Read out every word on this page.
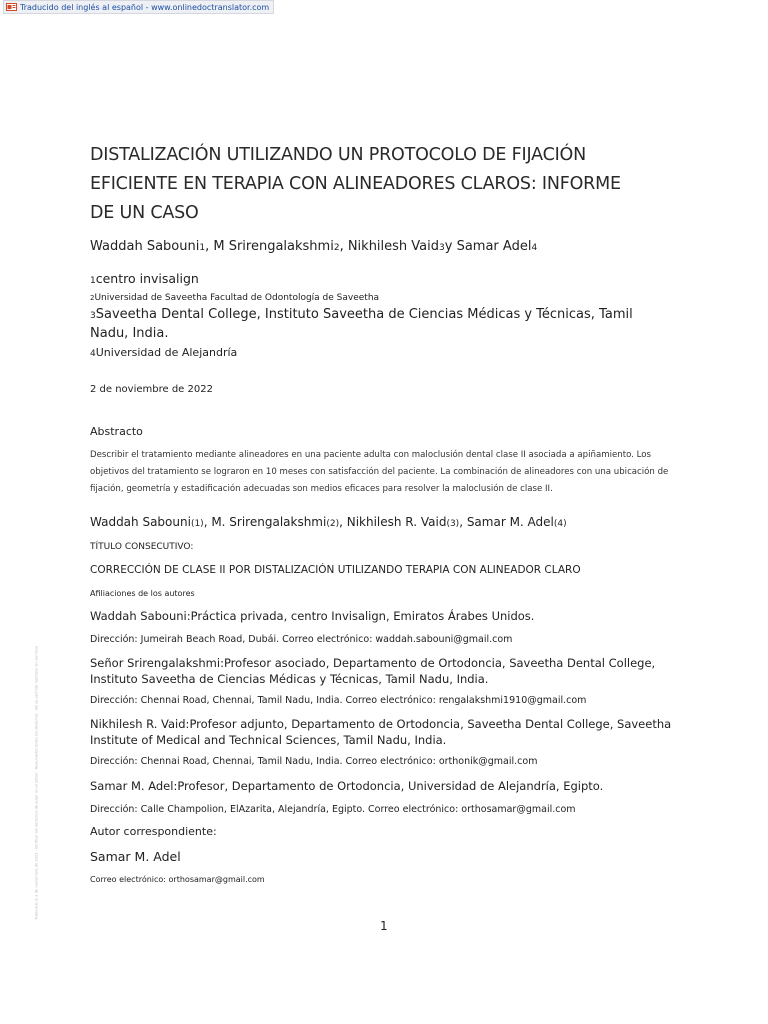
Traducido del inglés al español - www.onlinedoctranslator.com
Publicado el 2 de noviembre de 2022 · Verificar los derechos de autor en el editor · Reservados todos los derechos · No se permite reutilizar sin permiso
DISTALIZACIÓN UTILIZANDO UN PROTOCOLO DE FIJACIÓN EFICIENTE EN TERAPIA CON ALINEADORES CLAROS: INFORME DE UN CASO
Waddah Sabouni1, M Srirengalakshmi2, Nikhilesh Vaid3y Samar Adel4
1centro invisalign
2Universidad de Saveetha Facultad de Odontología de Saveetha
3Saveetha Dental College, Instituto Saveetha de Ciencias Médicas y Técnicas, Tamil Nadu, India.
4Universidad de Alejandría
2 de noviembre de 2022
Abstracto
Describir el tratamiento mediante alineadores en una paciente adulta con maloclusión dental clase II asociada a apiñamiento. Los objetivos del tratamiento se lograron en 10 meses con satisfacción del paciente. La combinación de alineadores con una ubicación de fijación, geometría y estadificación adecuadas son medios eficaces para resolver la maloclusión de clase II.
Waddah Sabouni(1), M. Srirengalakshmi(2), Nikhilesh R. Vaid(3), Samar M. Adel(4)
TÍTULO CONSECUTIVO:
CORRECCIÓN DE CLASE II POR DISTALIZACIÓN UTILIZANDO TERAPIA CON ALINEADOR CLARO
Afiliaciones de los autores
Waddah Sabouni:Práctica privada, centro Invisalign, Emiratos Árabes Unidos.
Dirección: Jumeirah Beach Road, Dubái. Correo electrónico: waddah.sabouni@gmail.com
Señor Srirengalakshmi:Profesor asociado, Departamento de Ortodoncia, Saveetha Dental College, Instituto Saveetha de Ciencias Médicas y Técnicas, Tamil Nadu, India.
Dirección: Chennai Road, Chennai, Tamil Nadu, India. Correo electrónico: rengalakshmi1910@gmail.com
Nikhilesh R. Vaid:Profesor adjunto, Departamento de Ortodoncia, Saveetha Dental College, Saveetha Institute of Medical and Technical Sciences, Tamil Nadu, India.
Dirección: Chennai Road, Chennai, Tamil Nadu, India. Correo electrónico: orthonik@gmail.com
Samar M. Adel:Profesor, Departamento de Ortodoncia, Universidad de Alejandría, Egipto.
Dirección: Calle Champolion, ElAzarita, Alejandría, Egipto. Correo electrónico: orthosamar@gmail.com
Autor correspondiente:
Samar M. Adel
Correo electrónico: orthosamar@gmail.com
1
